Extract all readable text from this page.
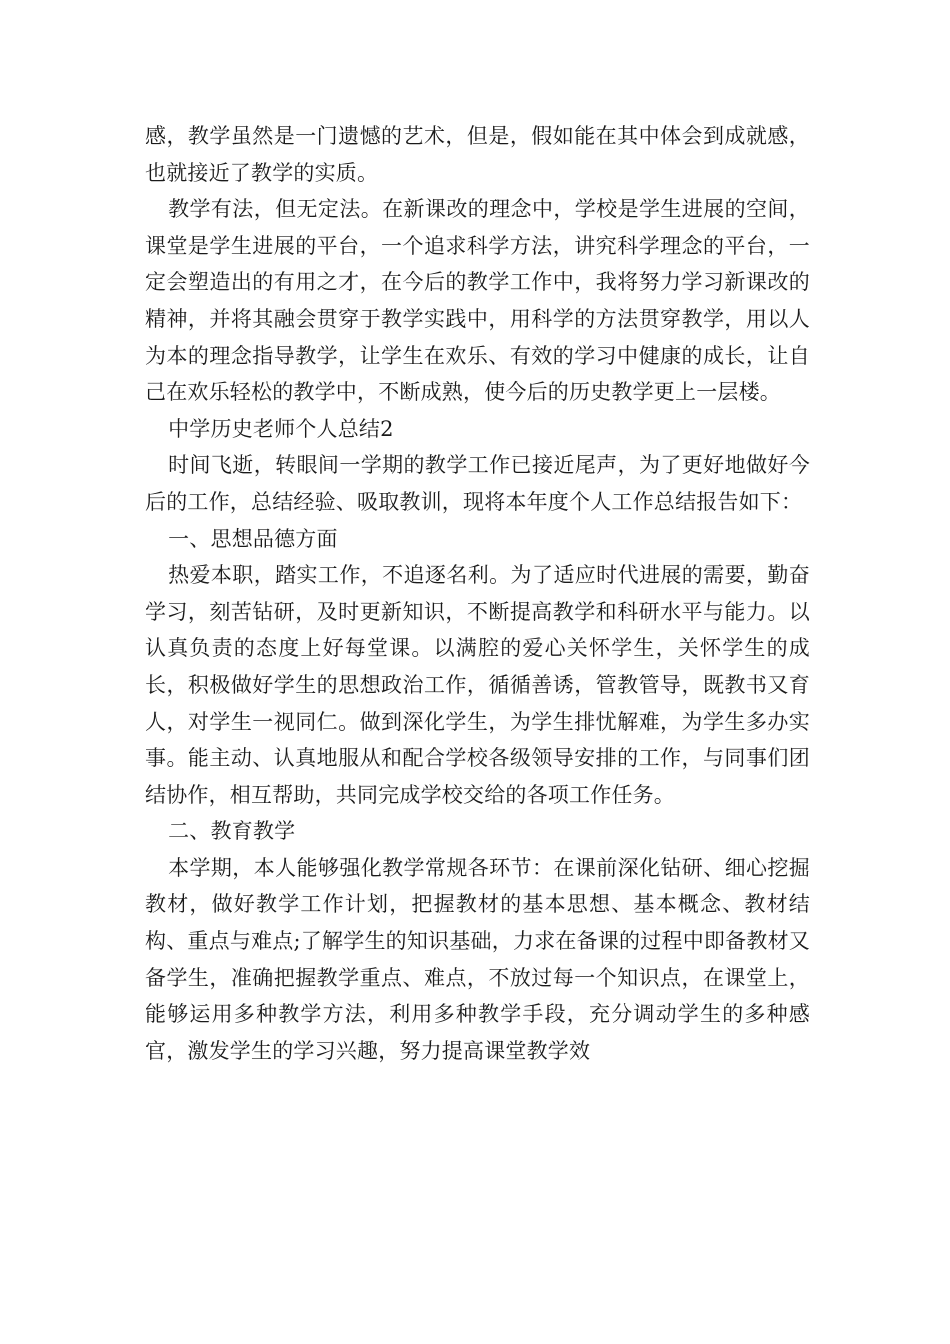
感，教学虽然是一门遗憾的艺术，但是，假如能在其中体会到成就感，也就接近了教学的实质。

教学有法，但无定法。在新课改的理念中，学校是学生进展的空间，课堂是学生进展的平台，一个追求科学方法，讲究科学理念的平台，一定会塑造出的有用之才，在今后的教学工作中，我将努力学习新课改的精神，并将其融会贯穿于教学实践中，用科学的方法贯穿教学，用以人为本的理念指导教学，让学生在欢乐、有效的学习中健康的成长，让自己在欢乐轻松的教学中，不断成熟，使今后的历史教学更上一层楼。

中学历史老师个人总结2

时间飞逝，转眼间一学期的教学工作已接近尾声，为了更好地做好今后的工作，总结经验、吸取教训，现将本年度个人工作总结报告如下：

一、思想品德方面

热爱本职，踏实工作，不追逐名利。为了适应时代进展的需要，勤奋学习，刻苦钻研，及时更新知识，不断提高教学和科研水平与能力。以认真负责的态度上好每堂课。以满腔的爱心关怀学生，关怀学生的成长，积极做好学生的思想政治工作，循循善诱，管教管导，既教书又育人，对学生一视同仁。做到深化学生，为学生排忧解难，为学生多办实事。能主动、认真地服从和配合学校各级领导安排的工作，与同事们团结协作，相互帮助，共同完成学校交给的各项工作任务。

二、教育教学

本学期，本人能够强化教学常规各环节：在课前深化钻研、细心挖掘教材，做好教学工作计划，把握教材的基本思想、基本概念、教材结构、重点与难点;了解学生的知识基础，力求在备课的过程中即备教材又备学生，准确把握教学重点、难点，不放过每一个知识点，在课堂上，能够运用多种教学方法，利用多种教学手段，充分调动学生的多种感官，激发学生的学习兴趣，努力提高课堂教学效
